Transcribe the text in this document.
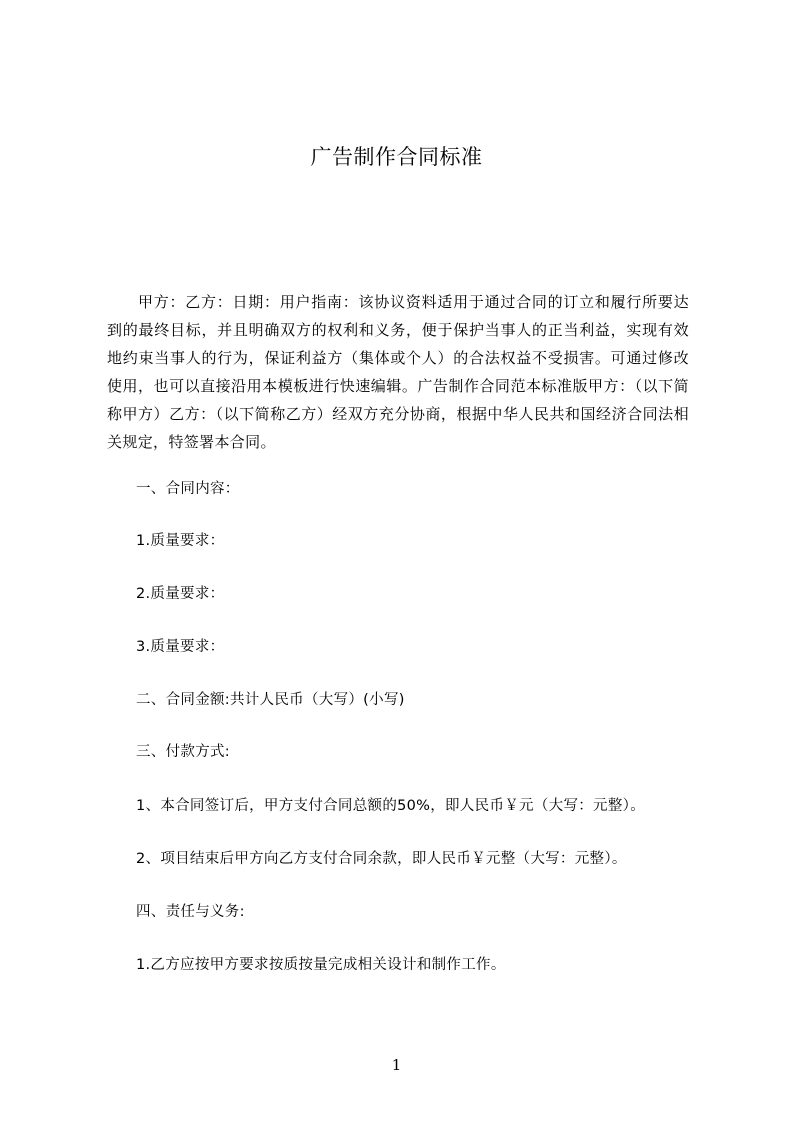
广告制作合同标准

甲方：乙方：日期：用户指南：该协议资料适用于通过合同的订立和履行所要达到的最终目标，并且明确双方的权利和义务，便于保护当事人的正当利益，实现有效地约束当事人的行为，保证利益方（集体或个人）的合法权益不受损害。可通过修改使用，也可以直接沿用本模板进行快速编辑。广告制作合同范本标准版甲方：（以下简称甲方）乙方：（以下简称乙方）经双方充分协商，根据中华人民共和国经济合同法相关规定，特签署本合同。

一、合同内容：

1.质量要求：

2.质量要求：

3.质量要求：

二、合同金额:共计人民币（大写）(小写)

三、付款方式:

1、本合同签订后，甲方支付合同总额的50%，即人民币￥元（大写：元整）。

2、项目结束后甲方向乙方支付合同余款，即人民币￥元整（大写：元整）。

四、责任与义务:

1.乙方应按甲方要求按质按量完成相关设计和制作工作。

1
